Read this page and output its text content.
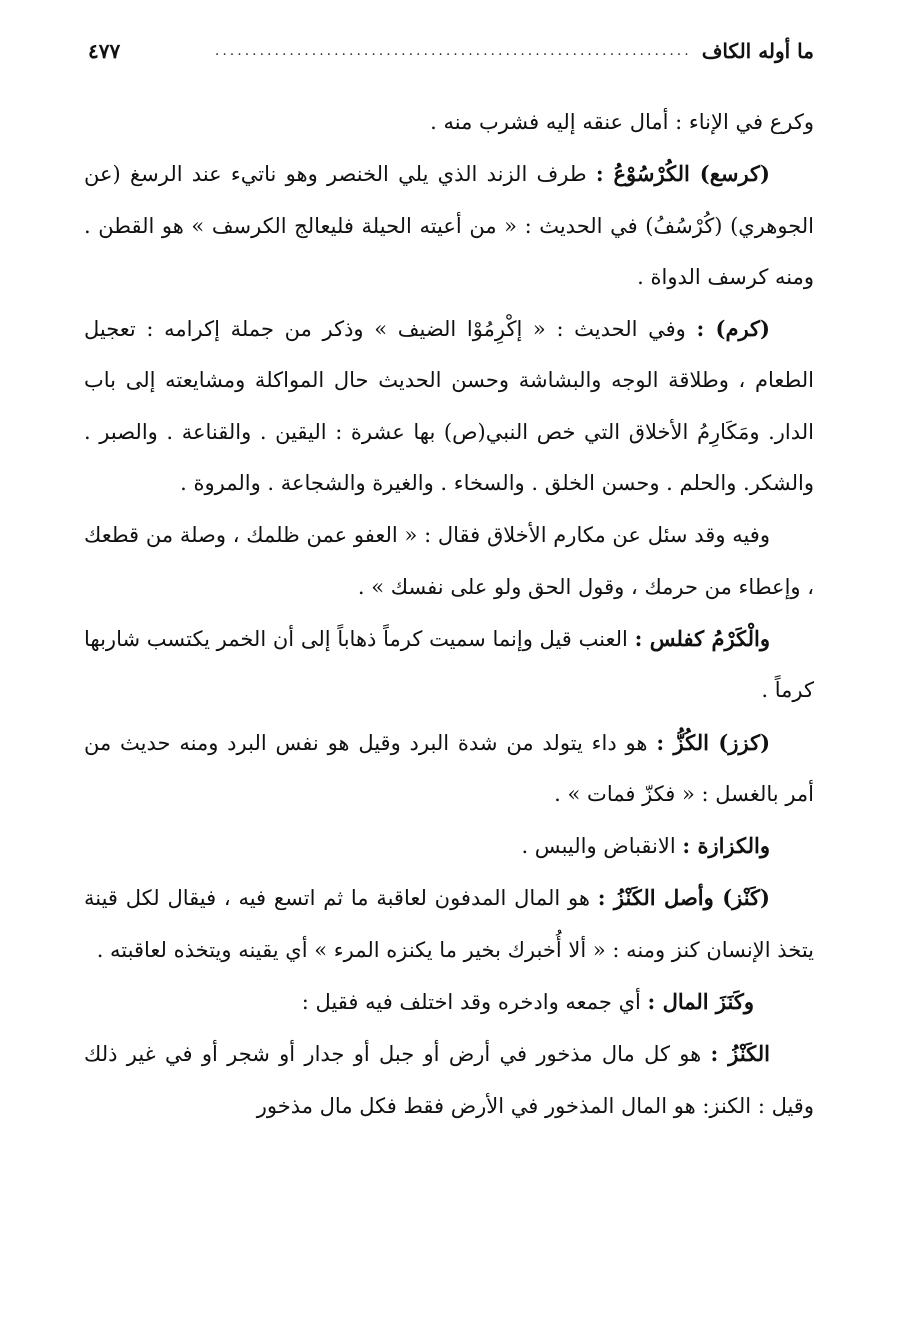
ما أوله الكاف
................................................................
٤٧٧

وكرع في الإناء : أمال عنقه إليه فشرب منه .

(كرسع) الكُرْسُوْعُ : طرف الزند الذي يلي الخنصر وهو ناتيء عند الرسغ (عن الجوهري) (كُرْسُفُ) في الحديث : « من أعيته الحيلة فليعالج الكرسف » هو القطن . ومنه كرسف الدواة .

(كرم) : وفي الحديث : « إكْرِمُوْا الضيف » وذكر من جملة إكرامه : تعجيل الطعام ، وطلاقة الوجه والبشاشة وحسن الحديث حال المواكلة ومشايعته إلى باب الدار. ومَكَارِمُ الأخلاق التي خص النبي(ص) بها عشرة : اليقين . والقناعة . والصبر . والشكر. والحلم . وحسن الخلق . والسخاء . والغيرة والشجاعة . والمروة .

وفيه وقد سئل عن مكارم الأخلاق فقال : « العفو عمن ظلمك ، وصلة من قطعك ، وإعطاء من حرمك ، وقول الحق ولو على نفسك » .

والْكَرْمُ كفلس : العنب قيل وإنما سميت كرماً ذهاباً إلى أن الخمر يكتسب شاربها كرماً .

(كزز) الكُزُّ : هو داء يتولد من شدة البرد وقيل هو نفس البرد ومنه حديث من أمر بالغسل : « فكزّ فمات » .

والكزازة : الانقباض واليبس .

(كَنْز) وأصل الكَنْزُ : هو المال المدفون لعاقبة ما ثم اتسع فيه ، فيقال لكل قينة يتخذ الإنسان كنز ومنه : « ألا أُخبرك بخير ما يكنزه المرء » أي يقينه ويتخذه لعاقبته .

وكَنَزَ المال : أي جمعه وادخره وقد اختلف فيه فقيل :

الكَنْزُ : هو كل مال مذخور في أرض أو جبل أو جدار أو شجر أو في غير ذلك وقيل : الكنز: هو المال المذخور في الأرض فقط فكل مال مذخور
